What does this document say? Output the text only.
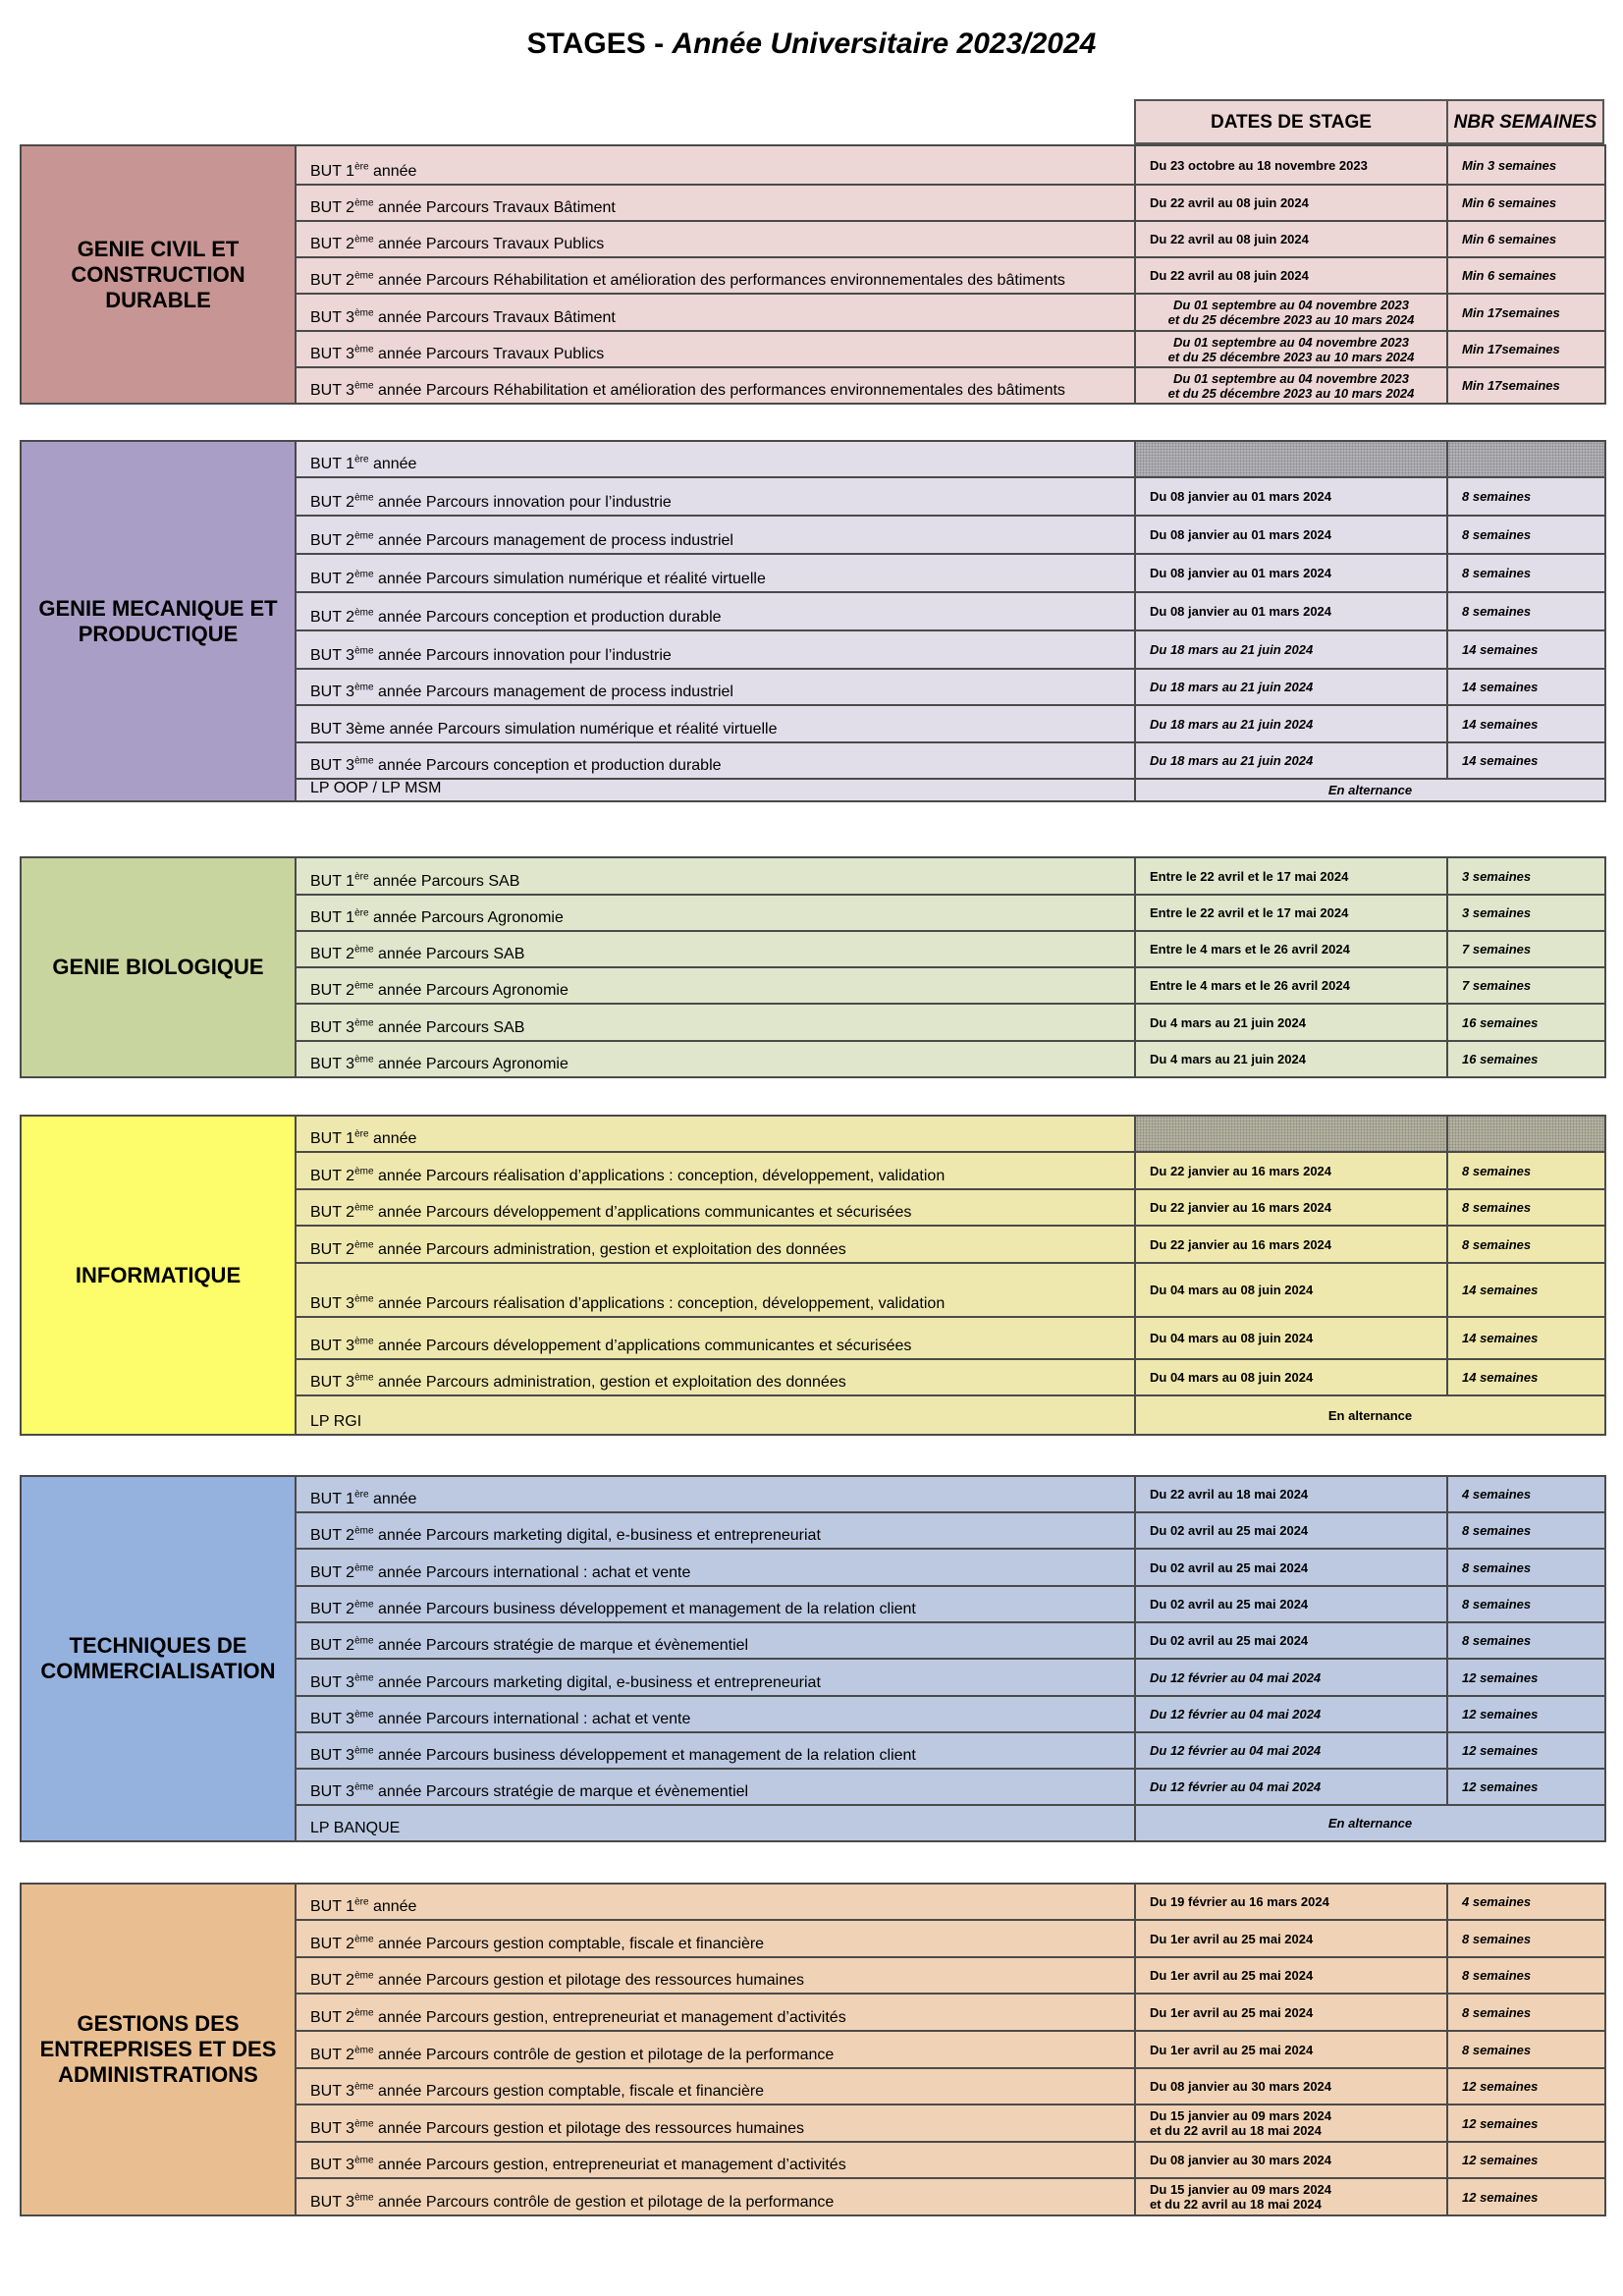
STAGES - Année Universitaire 2023/2024
DATES DE STAGE	NBR SEMAINES
GENIE CIVIL ET CONSTRUCTION DURABLE	BUT 1ère année	Du 23 octobre au 18 novembre 2023	Min 3 semaines
	BUT 2ème année Parcours Travaux Bâtiment	Du 22 avril au 08 juin 2024	Min 6 semaines
	BUT 2ème année Parcours Travaux Publics	Du 22 avril au 08 juin 2024	Min 6 semaines
	BUT 2ème année Parcours Réhabilitation et amélioration des performances environnementales des bâtiments	Du 22 avril au 08 juin 2024	Min 6 semaines
	BUT 3ème année Parcours Travaux Bâtiment	Du 01 septembre au 04 novembre 2023
et du 25 décembre 2023 au 10 mars 2024	Min 17semaines
	BUT 3ème année Parcours Travaux Publics	Du 01 septembre au 04 novembre 2023
et du 25 décembre 2023 au 10 mars 2024	Min 17semaines
	BUT 3ème année Parcours Réhabilitation et amélioration des performances environnementales des bâtiments	Du 01 septembre au 04 novembre 2023
et du 25 décembre 2023 au 10 mars 2024	Min 17semaines
GENIE MECANIQUE ET PRODUCTIQUE	BUT 1ère année		
	BUT 2ème année Parcours innovation pour l’industrie	Du 08 janvier au 01 mars 2024	8 semaines
	BUT 2ème année Parcours management de process industriel	Du 08 janvier au 01 mars 2024	8 semaines
	BUT 2ème année Parcours simulation numérique et réalité virtuelle	Du 08 janvier au 01 mars 2024	8 semaines
	BUT 2ème année Parcours conception et production durable	Du 08 janvier au 01 mars 2024	8 semaines
	BUT 3ème année Parcours innovation pour l’industrie	Du 18 mars au 21 juin 2024	14 semaines
	BUT 3ème année Parcours management de process industriel	Du 18 mars au 21 juin 2024	14 semaines
	BUT 3ème année Parcours simulation numérique et réalité virtuelle	Du 18 mars au 21 juin 2024	14 semaines
	BUT 3ème année Parcours conception et production durable	Du 18 mars au 21 juin 2024	14 semaines
	LP OOP / LP MSM	En alternance	
GENIE BIOLOGIQUE	BUT 1ère année Parcours SAB	Entre le 22 avril et le 17 mai 2024	3 semaines
	BUT 1ère année Parcours Agronomie	Entre le 22 avril et le 17 mai 2024	3 semaines
	BUT 2ème année Parcours SAB	Entre le 4 mars et le 26 avril 2024	7 semaines
	BUT 2ème année Parcours Agronomie	Entre le 4 mars et le 26 avril 2024	7 semaines
	BUT 3ème année Parcours SAB	Du 4 mars au 21 juin 2024	16 semaines
	BUT 3ème année Parcours Agronomie	Du 4 mars au 21 juin 2024	16 semaines
INFORMATIQUE	BUT 1ère année		
	BUT 2ème année Parcours réalisation d’applications : conception, développement, validation	Du 22 janvier au 16 mars 2024	8 semaines
	BUT 2ème année Parcours développement d’applications communicantes et sécurisées	Du 22 janvier au 16 mars 2024	8 semaines
	BUT 2ème année Parcours administration, gestion et exploitation des données	Du 22 janvier au 16 mars 2024	8 semaines
	BUT 3ème année Parcours réalisation d’applications : conception, développement, validation	Du 04 mars au 08 juin 2024	14 semaines
	BUT 3ème année Parcours développement d’applications communicantes et sécurisées	Du 04 mars au 08 juin 2024	14 semaines
	BUT 3ème année Parcours administration, gestion et exploitation des données	Du 04 mars au 08 juin 2024	14 semaines
	LP RGI	En alternance	
TECHNIQUES DE COMMERCIALISATION	BUT 1ère année	Du 22 avril au 18 mai 2024	4 semaines
	BUT 2ème année Parcours marketing digital, e-business et entrepreneuriat	Du 02 avril au 25 mai 2024	8 semaines
	BUT 2ème année Parcours international : achat et vente	Du 02 avril au 25 mai 2024	8 semaines
	BUT 2ème année Parcours business développement et management de la relation client	Du 02 avril au 25 mai 2024	8 semaines
	BUT 2ème année Parcours stratégie de marque et évènementiel	Du 02 avril au 25 mai 2024	8 semaines
	BUT 3ème année Parcours marketing digital, e-business et entrepreneuriat	Du 12 février au 04 mai 2024	12 semaines
	BUT 3ème année Parcours international : achat et vente	Du 12 février au 04 mai 2024	12 semaines
	BUT 3ème année Parcours business développement et management de la relation client	Du 12 février au 04 mai 2024	12 semaines
	BUT 3ème année Parcours stratégie de marque et évènementiel	Du 12 février au 04 mai 2024	12 semaines
	LP BANQUE	En alternance	
GESTIONS DES ENTREPRISES ET DES ADMINISTRATIONS	BUT 1ère année	Du 19 février au 16 mars 2024	4 semaines
	BUT 2ème année Parcours gestion comptable, fiscale et financière	Du 1er avril au 25 mai 2024	8 semaines
	BUT 2ème année Parcours gestion et pilotage des ressources humaines	Du 1er avril au 25 mai 2024	8 semaines
	BUT 2ème année Parcours gestion, entrepreneuriat et management d’activités	Du 1er avril au 25 mai 2024	8 semaines
	BUT 2ème année Parcours contrôle de gestion et pilotage de la performance	Du 1er avril au 25 mai 2024	8 semaines
	BUT 3ème année Parcours gestion comptable, fiscale et financière	Du 08 janvier au 30 mars 2024	12 semaines
	BUT 3ème année Parcours gestion et pilotage des ressources humaines	Du 15 janvier au 09 mars 2024
et du 22 avril au 18 mai 2024	12 semaines
	BUT 3ème année Parcours gestion, entrepreneuriat et management d’activités	Du 08 janvier au 30 mars 2024	12 semaines
	BUT 3ème année Parcours contrôle de gestion et pilotage de la performance	Du 15 janvier au 09 mars 2024
et du 22 avril au 18 mai 2024	12 semaines
